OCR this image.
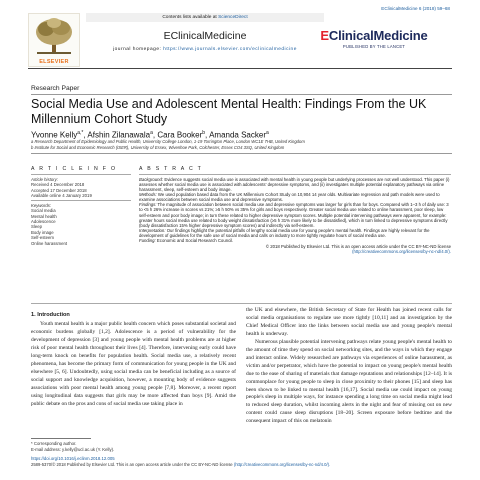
EClinicalMedicine 6 (2018) 59–68
ELSEVIER
Contents lists available at ScienceDirect
EClinicalMedicine
journal homepage: https://www.journals.elsevier.com/eclinicalmedicine
EClinicalMedicine
PUBLISHED BY THE LANCET
Research Paper
Social Media Use and Adolescent Mental Health: Findings From the UK Millennium Cohort Study
Yvonne Kelly$^{a,*}$, Afshin Zilanawala$^a$, Cara Booker$^b$, Amanda Sacker$^a$
a Research Department of Epidemiology and Public Health, University College London, 1-19 Torrington Place, London WC1E 7HB, United Kingdom
b Institute for Social and Economic Research (ISER), University of Essex, Wivenhoe Park, Colchester, Essex CO4 3SQ, United Kingdom
A R T I C L E I N F O
Article history:
Received 4 December 2018
Accepted 17 December 2018
Available online 4 January 2019
Keywords:
Social media
Mental health
Adolescence
Sleep
Body image
Self-esteem
Online harassment
A B S T R A C T
Background: Evidence suggests social media use is associated with mental health in young people but underlying processes are not well understood. This paper (i) assesses whether social media use is associated with adolescents' depressive symptoms, and (ii) investigates multiple potential explanatory pathways via online harassment, sleep, self-esteem and body image.
Methods: We used population based data from the UK Millennium Cohort Study on 10,904 14 year olds. Multivariate regression and path models were used to examine associations between social media use and depressive symptoms.
Findings: The magnitude of association between social media use and depressive symptoms was larger for girls than for boys. Compared with 1–3 h of daily use: 3 to <5 h 26% increase in scores vs 21%; ≥5 h 50% vs 35% for girls and boys respectively. Greater social media use related to online harassment, poor sleep, low self-esteem and poor body image; in turn these related to higher depressive symptom scores. Multiple potential intervening pathways were apparent, for example: greater hours social media use related to body weight dissatisfaction (≥5 h 31% more likely to be dissatisfied), which in turn linked to depressive symptoms directly (body dissatisfaction 15% higher depressive symptom scores) and indirectly via self-esteem.
Interpretation: Our findings highlight the potential pitfalls of lengthy social media use for young people's mental health. Findings are highly relevant for the development of guidelines for the safe use of social media and calls on industry to more tightly regulate hours of social media use.
Funding: Economic and Social Research Council.
© 2018 Published by Elsevier Ltd. This is an open access article under the CC BY-NC-ND license
(http://creativecommons.org/licenses/by-nc-nd/4.0/).
1. Introduction
Youth mental health is a major public health concern which poses substantial societal and economic burdens globally [1,2]. Adolescence is a period of vulnerability for the development of depression [3] and young people with mental health problems are at higher risk of poor mental health throughout their lives [4]. Therefore, intervening early could have long-term knock on benefits for population health. Social media use, a relatively recent phenomena, has become the primary form of communication for young people in the UK and elsewhere [5, 6]. Undoubtedly, using social media can be beneficial including as a source of social support and knowledge acquisition, however, a mounting body of evidence suggests associations with poor mental health among young people [7,8]. Moreover, a recent report using longitudinal data suggests that girls may be more affected than boys [9]. Amid the public debate on the pros and cons of social media use taking place in

the UK and elsewhere, the British Secretary of State for Health has joined recent calls for social media organisations to regulate use more tightly [10,11] and an investigation by the Chief Medical Officer into the links between social media use and young people's mental health is underway.

Numerous plausible potential intervening pathways relate young people's mental health to the amount of time they spend on social networking sites, and the ways in which they engage and interact online. Widely researched are pathways via experiences of online harassment, as victim and/or perpetrator, which have the potential to impact on young people's mental health due to the ease of sharing of materials that damage reputations and relationships [12–14]. It is commonplace for young people to sleep in close proximity to their phones [15] and sleep has been shown to be linked to mental health [16,17]. Social media use could impact on young people's sleep in multiple ways, for instance spending a long time on social media might lead to reduced sleep duration, whilst incoming alerts in the night and fear of missing out on new content could cause sleep disruptions [18–20]. Screen exposure before bedtime and the consequent impact of this on melatonin

* Corresponding author.
E-mail address: y.kelly@ucl.ac.uk (Y. Kelly).
https://doi.org/10.1016/j.eclinm.2018.12.005
2589-5370/© 2018 Published by Elsevier Ltd. This is an open access article under the CC BY-NC-ND license (http://creativecommons.org/licenses/by-nc-nd/4.0/).
